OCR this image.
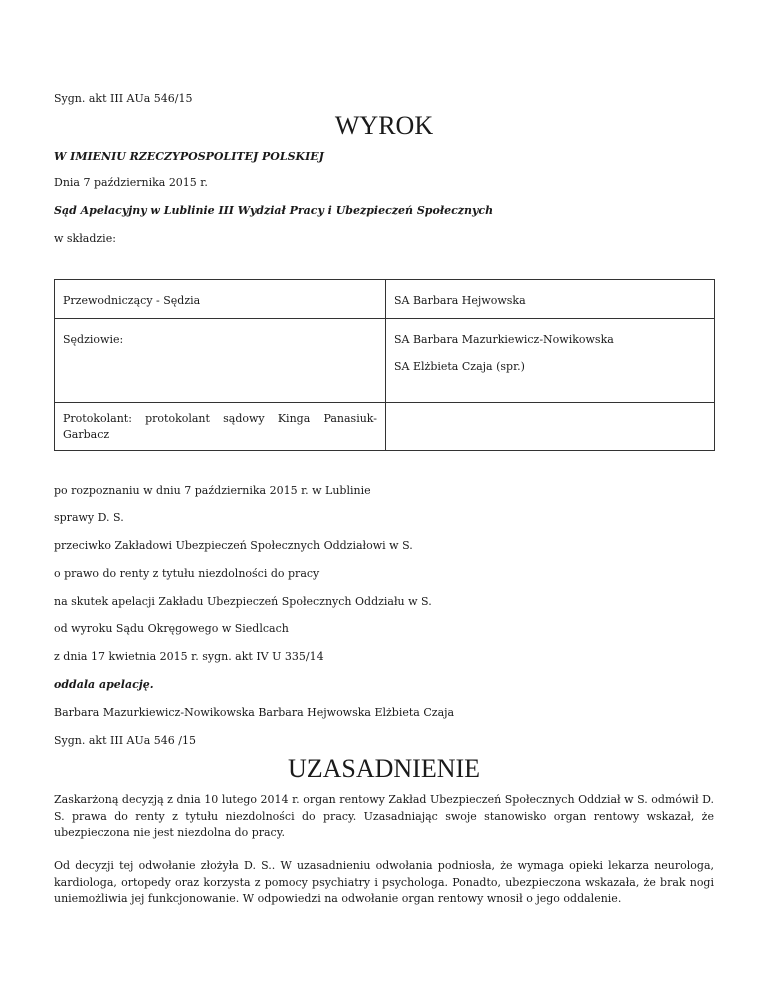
Sygn. akt III AUa 546/15
WYROK
W IMIENIU RZECZYPOSPOLITEJ POLSKIEJ
Dnia 7 października 2015 r.
Sąd Apelacyjny w Lublinie III Wydział Pracy i Ubezpieczeń Społecznych
w składzie:
Przewodniczący - Sędzia	SA Barbara Hejwowska

Sędziowie:	SA Barbara Mazurkiewicz-Nowikowska
SA Elżbieta Czaja (spr.)

Protokolant: protokolant sądowy Kinga Panasiuk-Garbacz	

po rozpoznaniu w dniu 7 października 2015 r. w Lublinie
sprawy D. S.
przeciwko Zakładowi Ubezpieczeń Społecznych Oddziałowi w S.
o prawo do renty z tytułu niezdolności do pracy
na skutek apelacji Zakładu Ubezpieczeń Społecznych Oddziału w S.
od wyroku Sądu Okręgowego w Siedlcach
z dnia 17 kwietnia 2015 r. sygn. akt IV U 335/14
oddala apelację.
Barbara Mazurkiewicz-Nowikowska Barbara Hejwowska Elżbieta Czaja
Sygn. akt III AUa 546 /15
UZASADNIENIE
Zaskarżoną decyzją z dnia 10 lutego 2014 r. organ rentowy Zakład Ubezpieczeń Społecznych Oddział w S. odmówił D. S. prawa do renty z tytułu niezdolności do pracy. Uzasadniając swoje stanowisko organ rentowy wskazał, że ubezpieczona nie jest niezdolna do pracy.
Od decyzji tej odwołanie złożyła D. S.. W uzasadnieniu odwołania podniosła, że wymaga opieki lekarza neurologa, kardiologa, ortopedy oraz korzysta z pomocy psychiatry i psychologa. Ponadto, ubezpieczona wskazała, że brak nogi uniemożliwia jej funkcjonowanie. W odpowiedzi na odwołanie organ rentowy wnosił o jego oddalenie.
